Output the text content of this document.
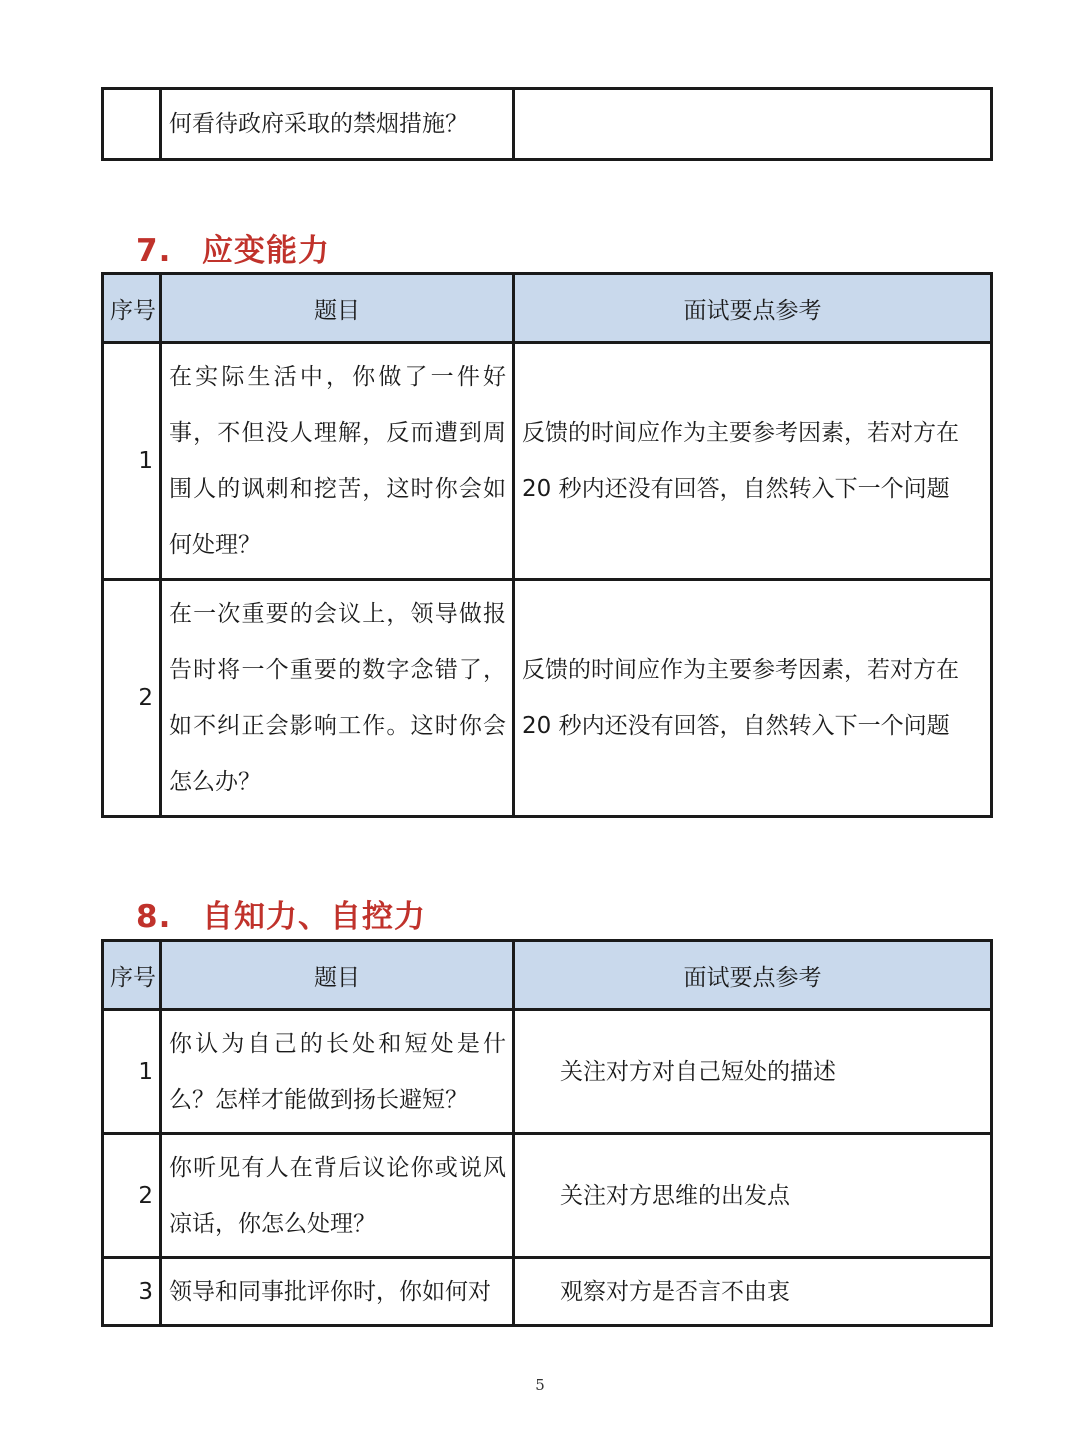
	何看待政府采取的禁烟措施？	
7. 应变能力
序号	题目	面试要点参考
1	在实际生活中，你做了一件好事，不但没人理解，反而遭到周围人的讽刺和挖苦，这时你会如何处理？	反馈的时间应作为主要参考因素，若对方在 20 秒内还没有回答，自然转入下一个问题
2	在一次重要的会议上，领导做报告时将一个重要的数字念错了，如不纠正会影响工作。这时你会怎么办？	反馈的时间应作为主要参考因素，若对方在 20 秒内还没有回答，自然转入下一个问题
8. 自知力、自控力
序号	题目	面试要点参考
1	你认为自己的长处和短处是什么？怎样才能做到扬长避短？	关注对方对自己短处的描述
2	你听见有人在背后议论你或说风凉话，你怎么处理？	关注对方思维的出发点
3	领导和同事批评你时，你如何对	观察对方是否言不由衷
5
